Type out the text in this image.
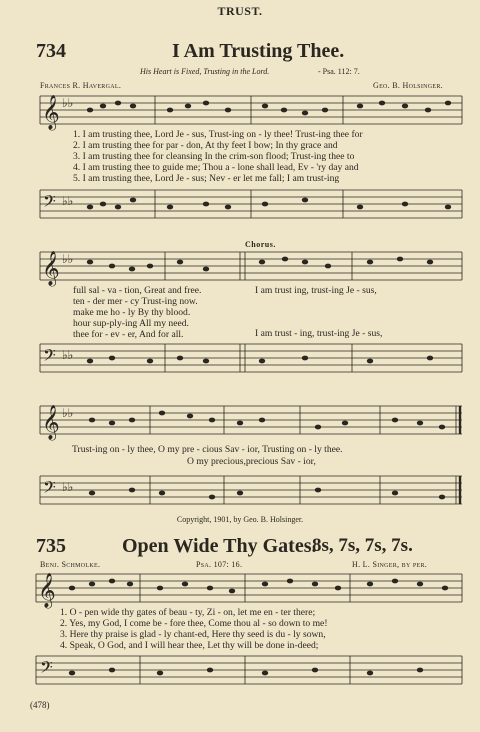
TRUST.
734	I Am Trusting Thee.
His Heart is Fixed, Trusting in the Lord.	- Psa. 112: 7.
Frances R. Havergal.	Geo. B. Holsinger.
𝄞 ♭♭
1. I am trusting thee, Lord Je - sus, Trust-ing on - ly thee! Trust-ing thee for
2. I am trusting thee for par - don, At thy feet I bow; In thy grace and
3. I am trusting thee for cleansing In the crim-son flood; Trust-ing thee to
4. I am trusting thee to guide me; Thou a - lone shall lead, Ev - 'ry day and
5. I am trusting thee, Lord Je - sus; Nev - er let me fall; I am trust-ing
𝄢 ♭♭
Chorus.
𝄞 ♭♭
full sal - va - tion, Great and free.
ten - der mer - cy Trust-ing now.
make me ho - ly By thy blood.
hour sup-ply-ing All my need.
thee for - ev - er, And for all.
I am trust ing, trust-ing Je - sus,
I am trust - ing, trust-ing Je - sus,
𝄢 ♭♭
𝄞 ♭♭
Trust-ing on - ly thee, O my pre - cious Sav - ior, Trusting on - ly thee.
O my precious,precious Sav - ior,
𝄢 ♭♭
Copyright, 1901, by Geo. B. Holsinger.
735	Open Wide Thy Gates.
8s, 7s, 7s, 7s.
Benj. Schmolke.	Psa. 107: 16.	H. L. Singer, by per.
𝄞
1. O - pen wide thy gates of beau - ty, Zi - on, let me en - ter there;
2. Yes, my God, I come be - fore thee, Come thou al - so down to me!
3. Here thy praise is glad - ly chant-ed, Here thy seed is du - ly sown,
4. Speak, O God, and I will hear thee, Let thy will be done in-deed;
𝄢
(478)
